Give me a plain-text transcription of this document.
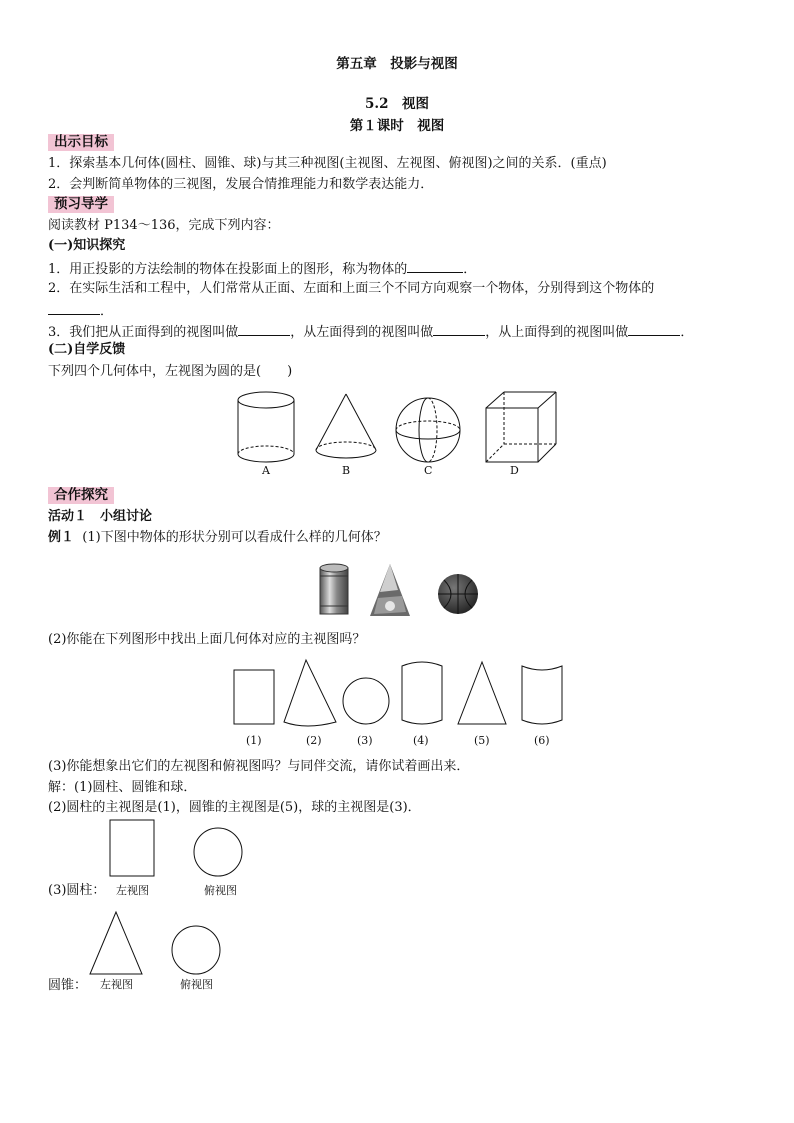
第五章　投影与视图
5.2　视图
第１课时　视图
出示目标
1．探索基本几何体(圆柱、圆锥、球)与其三种视图(主视图、左视图、俯视图)之间的关系．(重点)
2．会判断简单物体的三视图，发展合情推理能力和数学表达能力．
预习导学
阅读教材 P134～136，完成下列内容：
(一)知识探究
1．用正投影的方法绘制的物体在投影面上的图形，称为物体的	．
2．在实际生活和工程中，人们常常从正面、左面和上面三个不同方向观察一个物体，分别得到这个物体的
．
3．我们把从正面得到的视图叫做	，从左面得到的视图叫做	，从上面得到的视图叫做	．
(二)自学反馈
下列四个几何体中，左视图为圆的是(　　)
A	B	C	D
合作探究
活动１　小组讨论
例１ (1)下图中物体的形状分别可以看成什么样的几何体？
(2)你能在下列图形中找出上面几何体对应的主视图吗？
(1)	(2)	(3)	(4)	(5)	(6)
(3)你能想象出它们的左视图和俯视图吗？与同伴交流，请你试着画出来．
解：(1)圆柱、圆锥和球．
(2)圆柱的主视图是(1)，圆锥的主视图是(5)，球的主视图是(3)．
左视图	俯视图
(3)圆柱：
左视图	俯视图
圆锥：
